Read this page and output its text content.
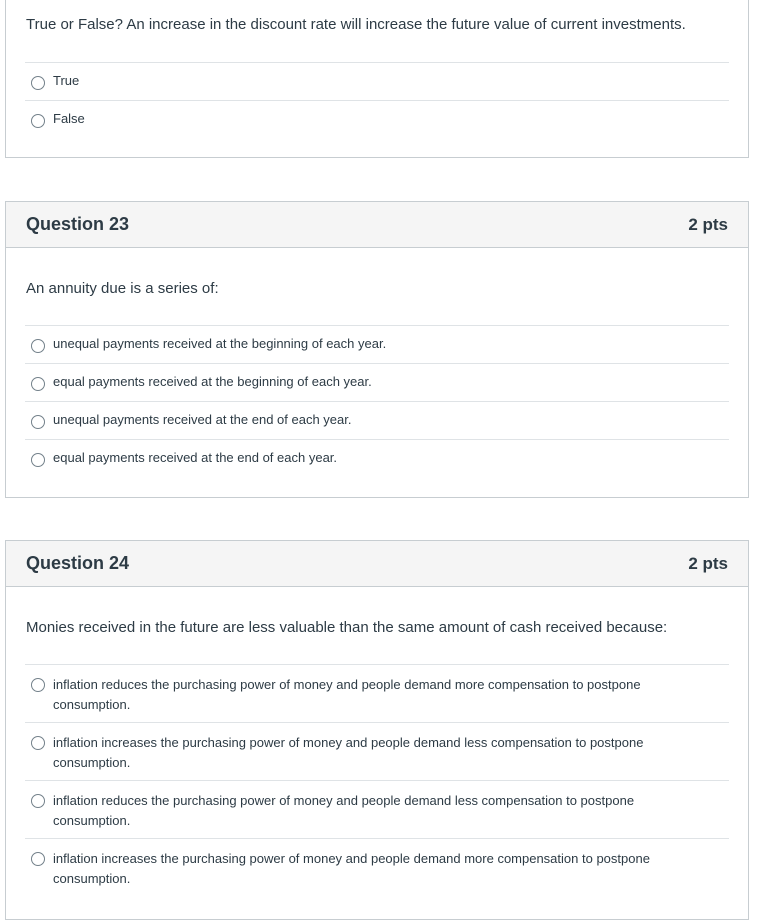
True or False? An increase in the discount rate will increase the future value of current investments.
True
False
Question 23	2 pts
An annuity due is a series of:
unequal payments received at the beginning of each year.
equal payments received at the beginning of each year.
unequal payments received at the end of each year.
equal payments received at the end of each year.
Question 24	2 pts
Monies received in the future are less valuable than the same amount of cash received because:
inflation reduces the purchasing power of money and people demand more compensation to postpone consumption.
inflation increases the purchasing power of money and people demand less compensation to postpone consumption.
inflation reduces the purchasing power of money and people demand less compensation to postpone consumption.
inflation increases the purchasing power of money and people demand more compensation to postpone consumption.
